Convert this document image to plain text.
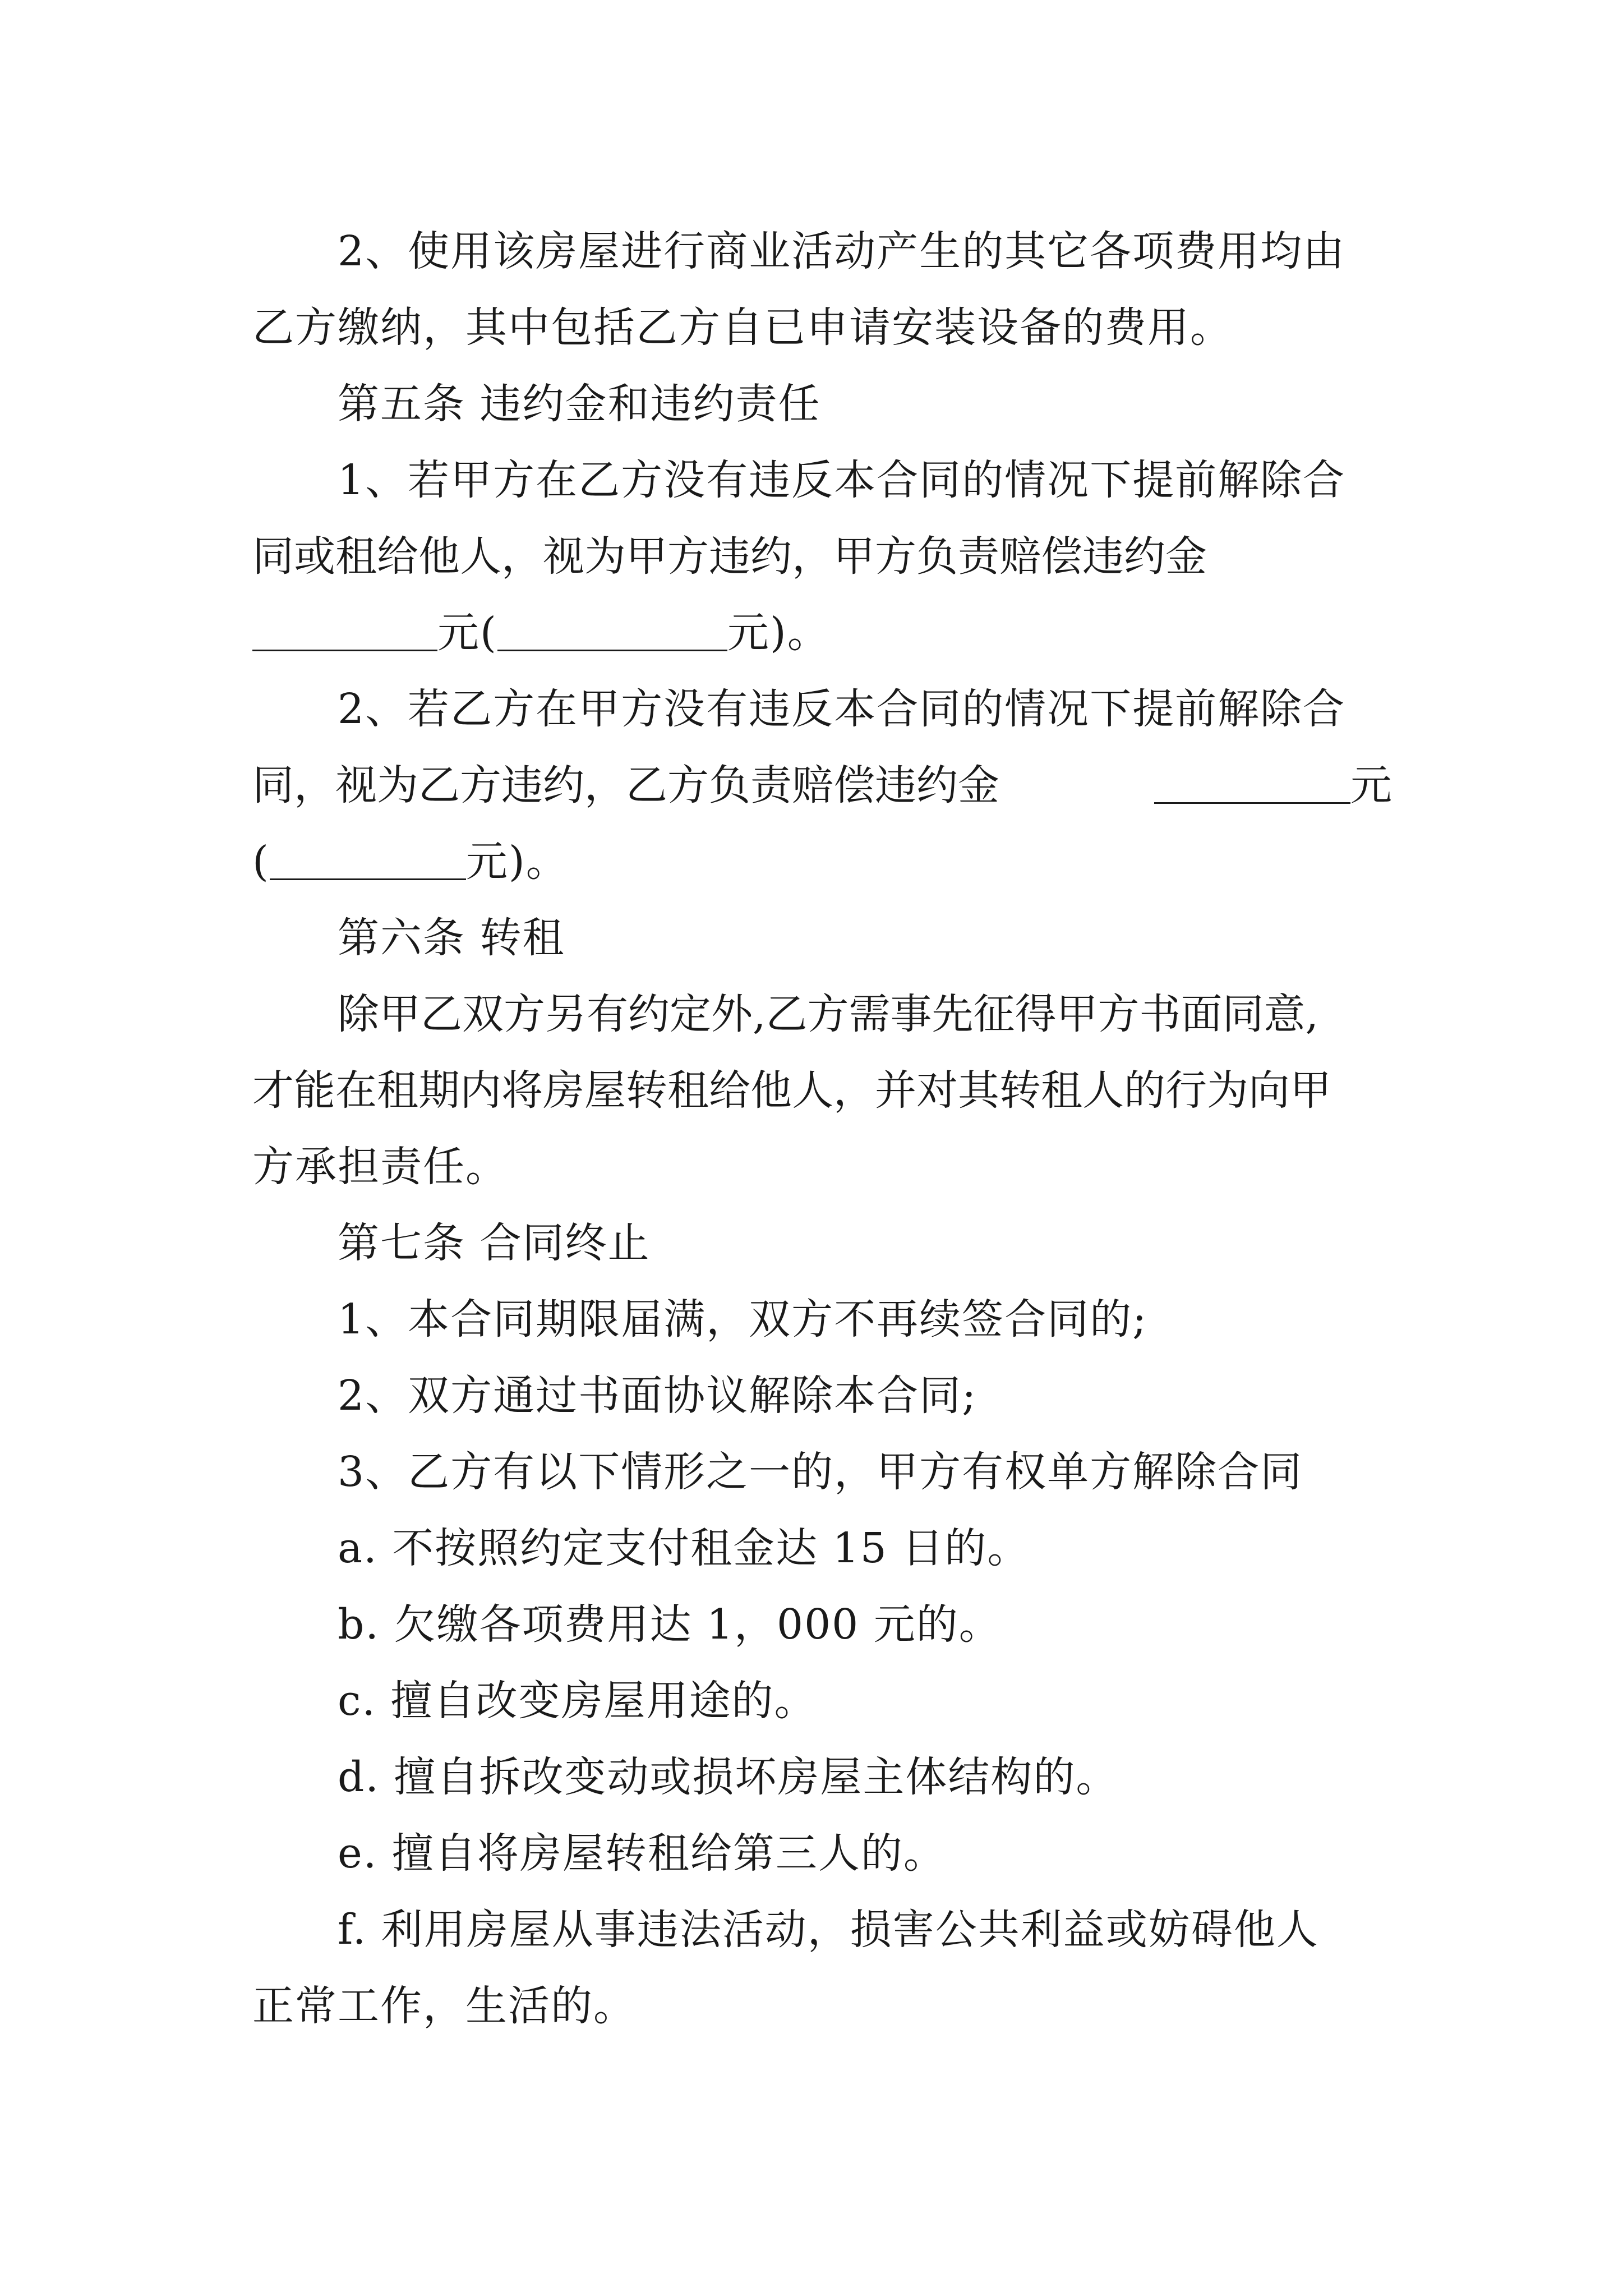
2、使用该房屋进行商业活动产生的其它各项费用均由
乙方缴纳，其中包括乙方自已申请安装设备的费用。
第五条 违约金和违约责任
1、若甲方在乙方没有违反本合同的情况下提前解除合
同或租给他人，视为甲方违约，甲方负责赔偿违约金
元(	元)。
2、若乙方在甲方没有违反本合同的情况下提前解除合
同，视为乙方违约，乙方负责赔偿违约金	元
(	元)。
第六条 转租
除甲乙双方另有约定外,乙方需事先征得甲方书面同意,
才能在租期内将房屋转租给他人，并对其转租人的行为向甲
方承担责任。
第七条 合同终止
1、本合同期限届满，双方不再续签合同的;
2、双方通过书面协议解除本合同;
3、乙方有以下情形之一的，甲方有权单方解除合同
a. 不按照约定支付租金达 15 日的。
b. 欠缴各项费用达 1，000 元的。
c. 擅自改变房屋用途的。
d. 擅自拆改变动或损坏房屋主体结构的。
e. 擅自将房屋转租给第三人的。
f. 利用房屋从事违法活动，损害公共利益或妨碍他人
正常工作，生活的。
